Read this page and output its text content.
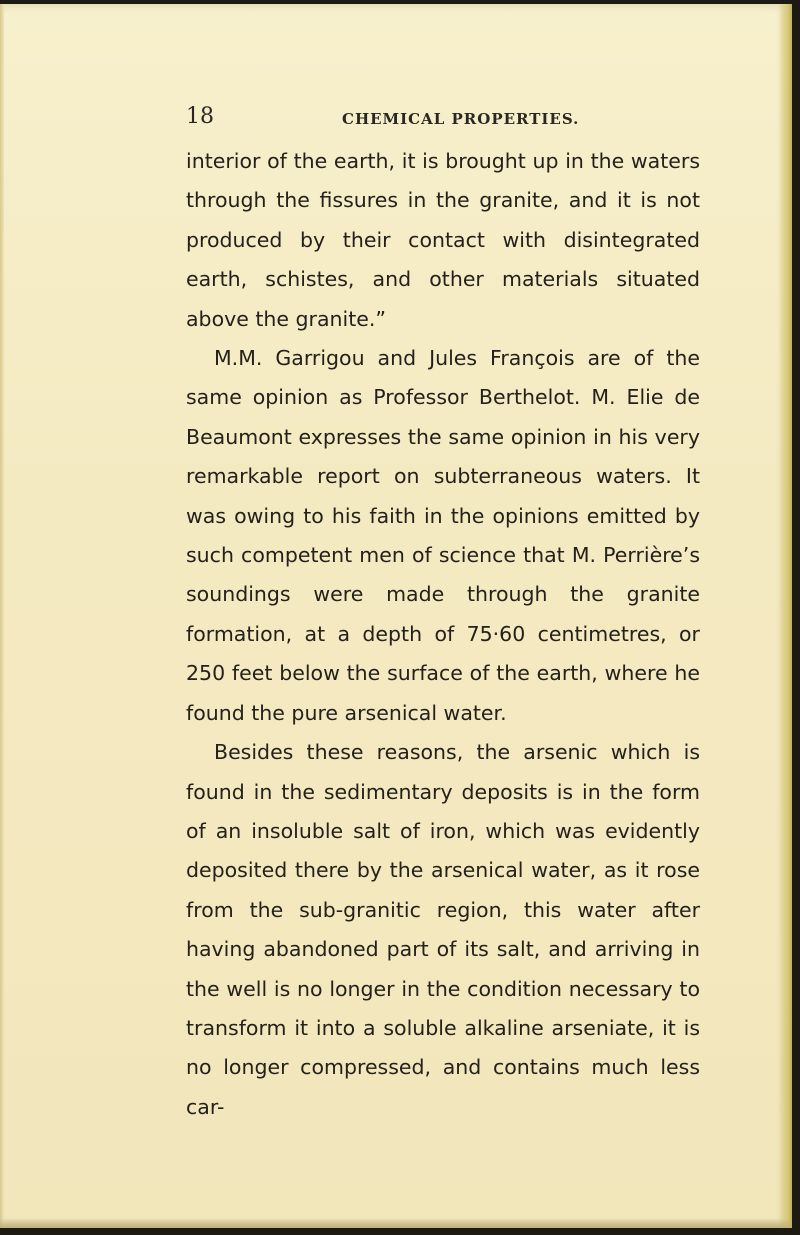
18	CHEMICAL PROPERTIES.

interior of the earth, it is brought up in the waters through the fissures in the granite, and it is not produced by their contact with disintegrated earth, schistes, and other materials situated above the granite.”

M.M. Garrigou and Jules François are of the same opinion as Professor Berthelot. M. Elie de Beaumont expresses the same opinion in his very remarkable report on subterraneous waters. It was owing to his faith in the opinions emitted by such competent men of science that M. Perrière’s soundings were made through the granite formation, at a depth of 75·60 centimetres, or 250 feet below the surface of the earth, where he found the pure arsenical water.

Besides these reasons, the arsenic which is found in the sedimentary deposits is in the form of an insoluble salt of iron, which was evidently deposited there by the arsenical water, as it rose from the sub-granitic region, this water after having abandoned part of its salt, and arriving in the well is no longer in the condition necessary to transform it into a soluble alkaline arseniate, it is no longer compressed, and contains much less car-
